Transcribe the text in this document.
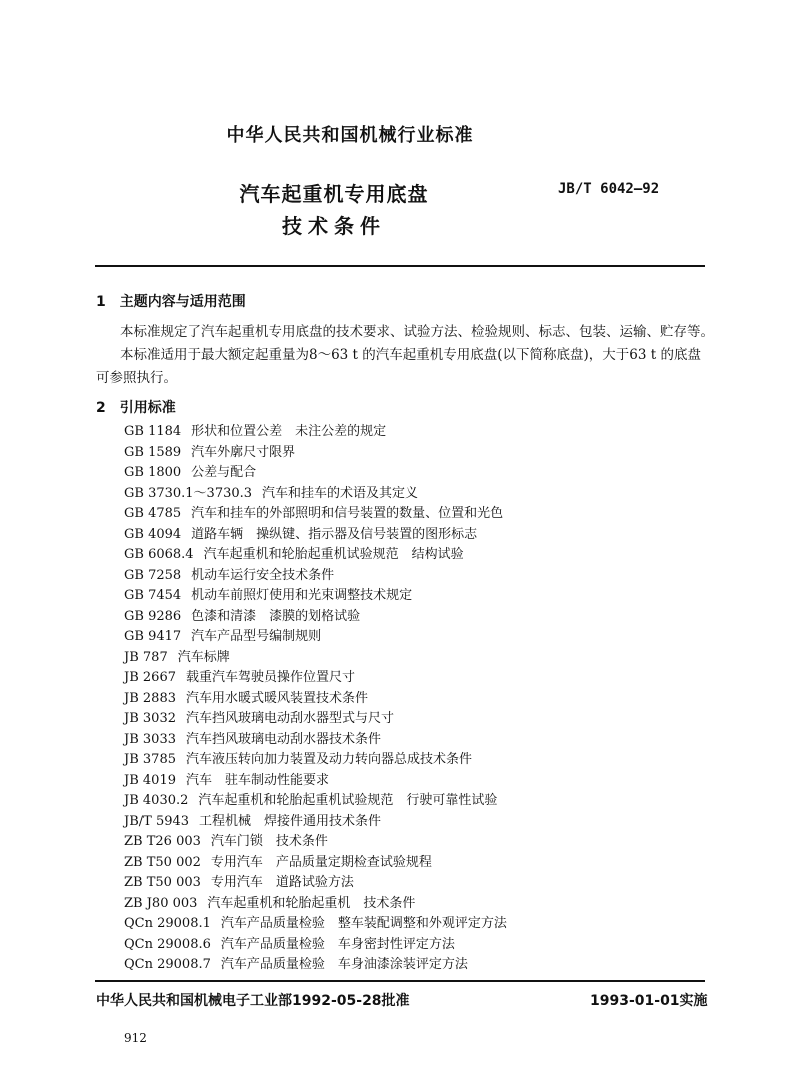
中华人民共和国机械行业标准
汽车起重机专用底盘
技术条件
JB/T 6042—92
1　主题内容与适用范围
本标准规定了汽车起重机专用底盘的技术要求、试验方法、检验规则、标志、包装、运输、贮存等。
本标准适用于最大额定起重量为8～63 t 的汽车起重机专用底盘(以下简称底盘)，大于63 t 的底盘
可参照执行。
2　引用标准
GB 1184 形状和位置公差　未注公差的规定
GB 1589 汽车外廓尺寸限界
GB 1800 公差与配合
GB 3730.1～3730.3 汽车和挂车的术语及其定义
GB 4785 汽车和挂车的外部照明和信号装置的数量、位置和光色
GB 4094 道路车辆　操纵键、指示器及信号装置的图形标志
GB 6068.4 汽车起重机和轮胎起重机试验规范　结构试验
GB 7258 机动车运行安全技术条件
GB 7454 机动车前照灯使用和光束调整技术规定
GB 9286 色漆和清漆　漆膜的划格试验
GB 9417 汽车产品型号编制规则
JB 787 汽车标牌
JB 2667 载重汽车驾驶员操作位置尺寸
JB 2883 汽车用水暖式暖风装置技术条件
JB 3032 汽车挡风玻璃电动刮水器型式与尺寸
JB 3033 汽车挡风玻璃电动刮水器技术条件
JB 3785 汽车液压转向加力装置及动力转向器总成技术条件
JB 4019 汽车　驻车制动性能要求
JB 4030.2 汽车起重机和轮胎起重机试验规范　行驶可靠性试验
JB/T 5943 工程机械　焊接件通用技术条件
ZB T26 003 汽车门锁　技术条件
ZB T50 002 专用汽车　产品质量定期检查试验规程
ZB T50 003 专用汽车　道路试验方法
ZB J80 003 汽车起重机和轮胎起重机　技术条件
QCn 29008.1 汽车产品质量检验　整车装配调整和外观评定方法
QCn 29008.6 汽车产品质量检验　车身密封性评定方法
QCn 29008.7 汽车产品质量检验　车身油漆涂装评定方法
中华人民共和国机械电子工业部1992-05-28批准	1993-01-01实施
912
